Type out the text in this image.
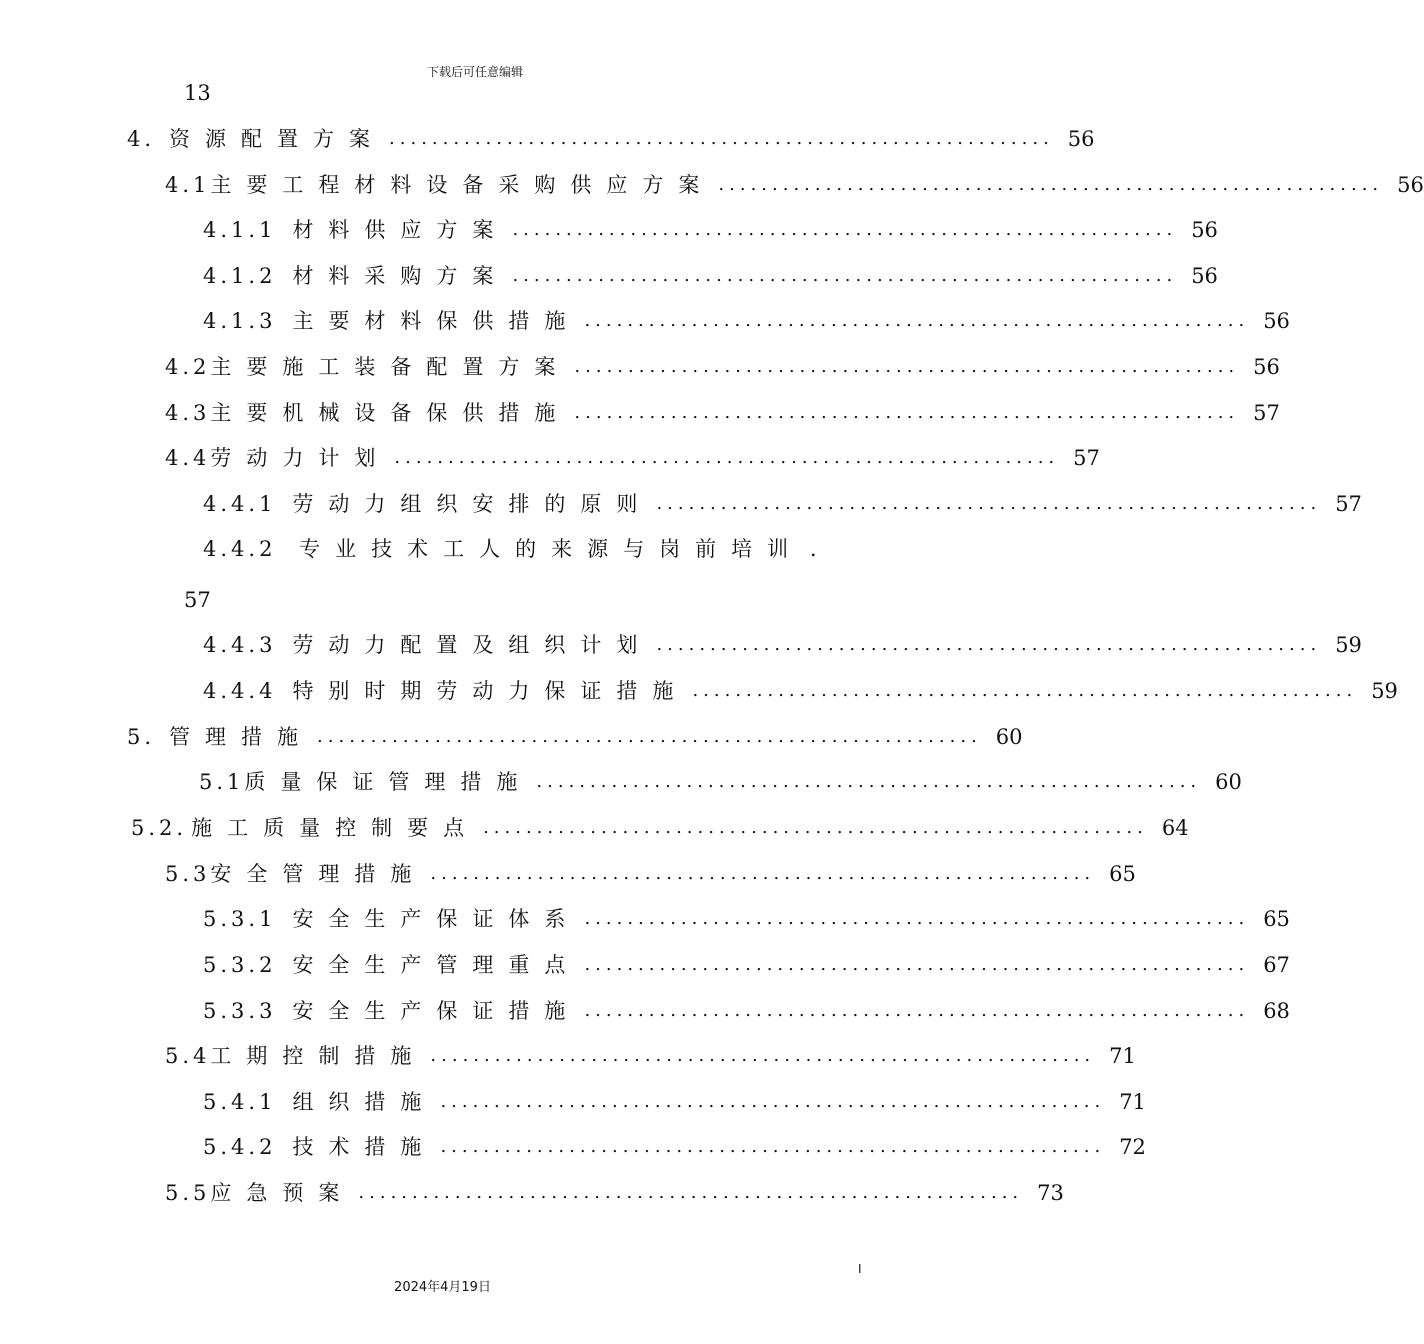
下载后可任意编辑
13
4. 资源配置方案 .............................................................. 56
4.1 主要工程材料设备采购供应方案 .............................................................. 56
4.1.1 材料供应方案 .............................................................. 56
4.1.2 材料采购方案 .............................................................. 56
4.1.3 主要材料保供措施 .............................................................. 56
4.2 主要施工装备配置方案 .............................................................. 56
4.3 主要机械设备保供措施 .............................................................. 57
4.4 劳动力计划 .............................................................. 57
4.4.1 劳动力组织安排的原则 .............................................................. 57
4.4.2 专业技术工人的来源与岗前培训 .
57
4.4.3 劳动力配置及组织计划 .............................................................. 59
4.4.4 特别时期劳动力保证措施 .............................................................. 59
5. 管理措施 .............................................................. 60
5.1 质量保证管理措施 .............................................................. 60
5.2. 施工质量控制要点 .............................................................. 64
5.3 安全管理措施 .............................................................. 65
5.3.1 安全生产保证体系 .............................................................. 65
5.3.2 安全生产管理重点 .............................................................. 67
5.3.3 安全生产保证措施 .............................................................. 68
5.4 工期控制措施 .............................................................. 71
5.4.1 组织措施 .............................................................. 71
5.4.2 技术措施 .............................................................. 72
5.5 应急预案 .............................................................. 73
2024年4月19日
I
